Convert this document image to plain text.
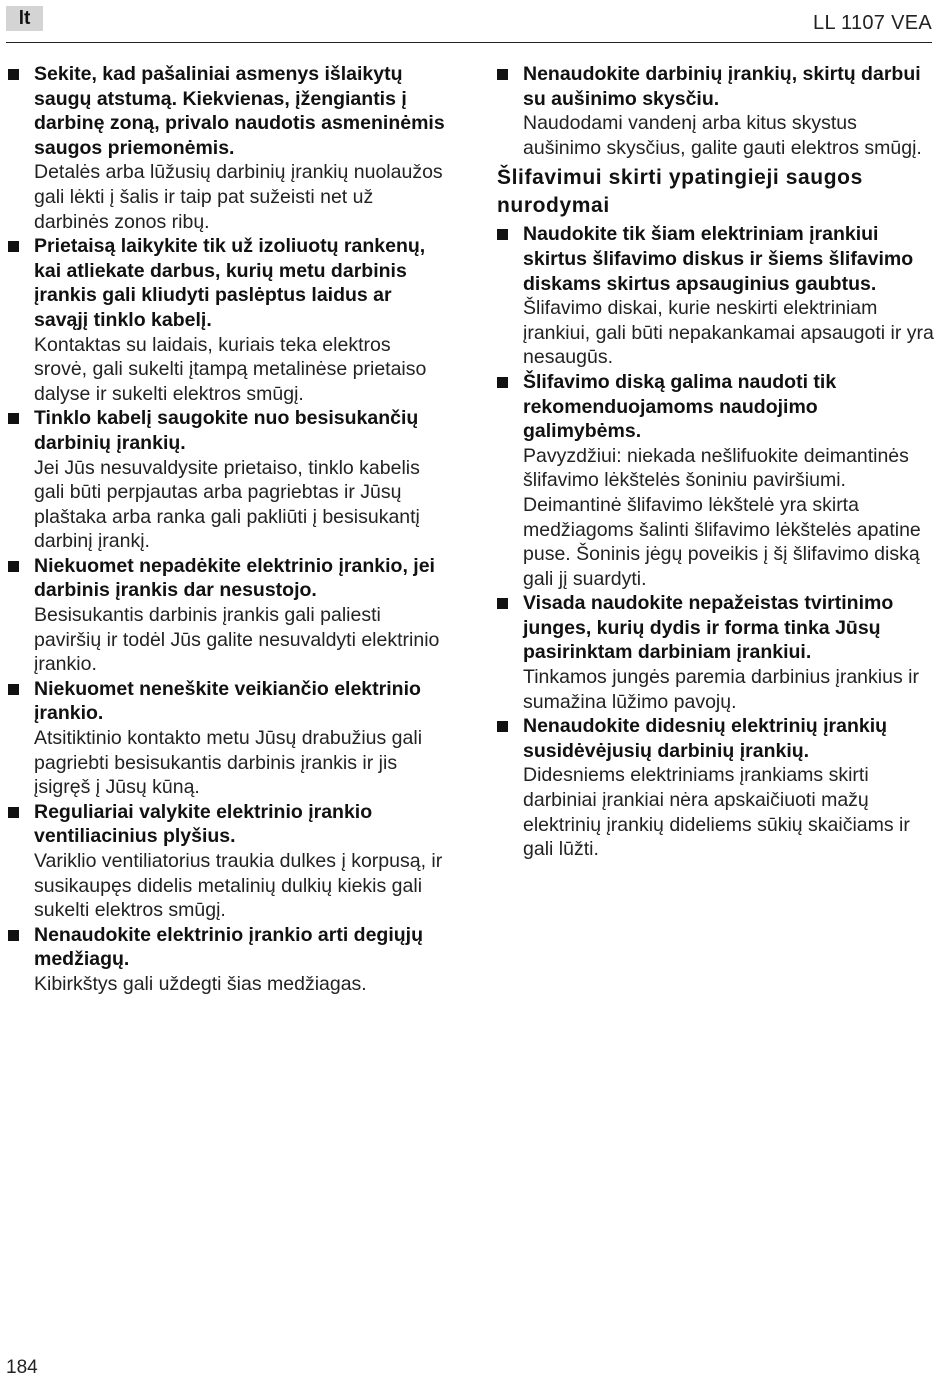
lt	LL 1107 VEA
Sekite, kad pašaliniai asmenys išlaikytų saugų atstumą. Kiekvienas, įžengiantis į darbinę zoną, privalo naudotis asmeninėmis saugos priemonėmis.
Detalės arba lūžusių darbinių įrankių nuolaužos gali lėkti į šalis ir taip pat sužeisti net už darbinės zonos ribų.
Prietaisą laikykite tik už izoliuotų rankenų, kai atliekate darbus, kurių metu darbinis įrankis gali kliudyti paslėptus laidus ar savąjį tinklo kabelį.
Kontaktas su laidais, kuriais teka elektros srovė, gali sukelti įtampą metalinėse prietaiso dalyse ir sukelti elektros smūgį.
Tinklo kabelį saugokite nuo besisukančių darbinių įrankių.
Jei Jūs nesuvaldysite prietaiso, tinklo kabelis gali būti perpjautas arba pagriebtas ir Jūsų plaštaka arba ranka gali pakliūti į besisukantį darbinį įrankį.
Niekuomet nepadėkite elektrinio įrankio, jei darbinis įrankis dar nesustojo.
Besisukantis darbinis įrankis gali paliesti paviršių ir todėl Jūs galite nesuvaldyti elektrinio įrankio.
Niekuomet neneškite veikiančio elektrinio įrankio.
Atsitiktinio kontakto metu Jūsų drabužius gali pagriebti besisukantis darbinis įrankis ir jis įsigręš į Jūsų kūną.
Reguliariai valykite elektrinio įrankio ventiliacinius plyšius.
Variklio ventiliatorius traukia dulkes į korpusą, ir susikaupęs didelis metalinių dulkių kiekis gali sukelti elektros smūgį.
Nenaudokite elektrinio įrankio arti degiųjų medžiagų.
Kibirkštys gali uždegti šias medžiagas.
Nenaudokite darbinių įrankių, skirtų darbui su aušinimo skysčiu.
Naudodami vandenį arba kitus skystus aušinimo skysčius, galite gauti elektros smūgį.
Šlifavimui skirti ypatingieji saugos nurodymai
Naudokite tik šiam elektriniam įrankiui skirtus šlifavimo diskus ir šiems šlifavimo diskams skirtus apsauginius gaubtus.
Šlifavimo diskai, kurie neskirti elektriniam įrankiui, gali būti nepakankamai apsaugoti ir yra nesaugūs.
Šlifavimo diską galima naudoti tik rekomenduojamoms naudojimo galimybėms.
Pavyzdžiui: niekada nešlifuokite deimantinės šlifavimo lėkštelės šoniniu paviršiumi. Deimantinė šlifavimo lėkštelė yra skirta medžiagoms šalinti šlifavimo lėkštelės apatine puse. Šoninis jėgų poveikis į šį šlifavimo diską gali jį suardyti.
Visada naudokite nepažeistas tvirtinimo junges, kurių dydis ir forma tinka Jūsų pasirinktam darbiniam įrankiui.
Tinkamos jungės paremia darbinius įrankius ir sumažina lūžimo pavojų.
Nenaudokite didesnių elektrinių įrankių susidėvėjusių darbinių įrankių.
Didesniems elektriniams įrankiams skirti darbiniai įrankiai nėra apskaičiuoti mažų elektrinių įrankių dideliems sūkių skaičiams ir gali lūžti.
184
